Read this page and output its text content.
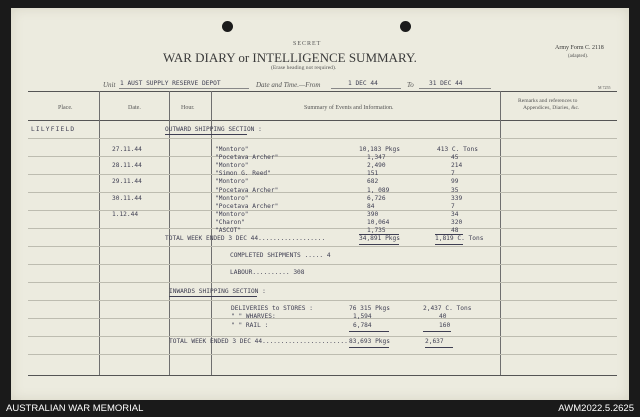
SECRET
WAR DIARY or INTELLIGENCE SUMMARY.
(Erase heading not required).
Army Form C. 2118
(adapted).
M 7255
Unit 1 AUST SUPPLY RESERVE DEPOT	Date and Time.—From	1 DEC 44	To 31 DEC 44
Place.	Date.	Hour.	Summary of Events and Information.
Remarks and references to
Appendices, Diaries, &c.
LILYFIELD	OUTWARD SHIPPING SECTION :
27.11.44	"Montoro"	10,183 Pkgs	413 C. Tons
"Pocetava Archer"	1,347	45
28.11.44	"Montoro"	2,490	214
"Simon G. Reed"	151	7
29.11.44	"Montoro"	682	99
"Pocetava Archer"	1, 089	35
30.11.44	"Montoro"	6,726	339
"Pocetava Archer"	84	7
1.12.44	"Montoro"	390	34
"Charon"	10,064	320
"ASCOT"	1,735	48
TOTAL WEEK ENDED 3 DEC 44..................	34,891 Pkgs	1,819 C. Tons
COMPLETED SHIPMENTS ..... 4
LABOUR.......... 308
INWARDS SHIPPING SECTION :
DELIVERIES to STORES :	76 315 Pkgs	2,437 C. Tons
" " WHARVES:	1,594	40
" " RAIL :	6,784	160
TOTAL WEEK ENDED 3 DEC 44....................... 83,693 Pkgs	2,637
AUSTRALIAN WAR MEMORIAL	AWM2022.5.2625
